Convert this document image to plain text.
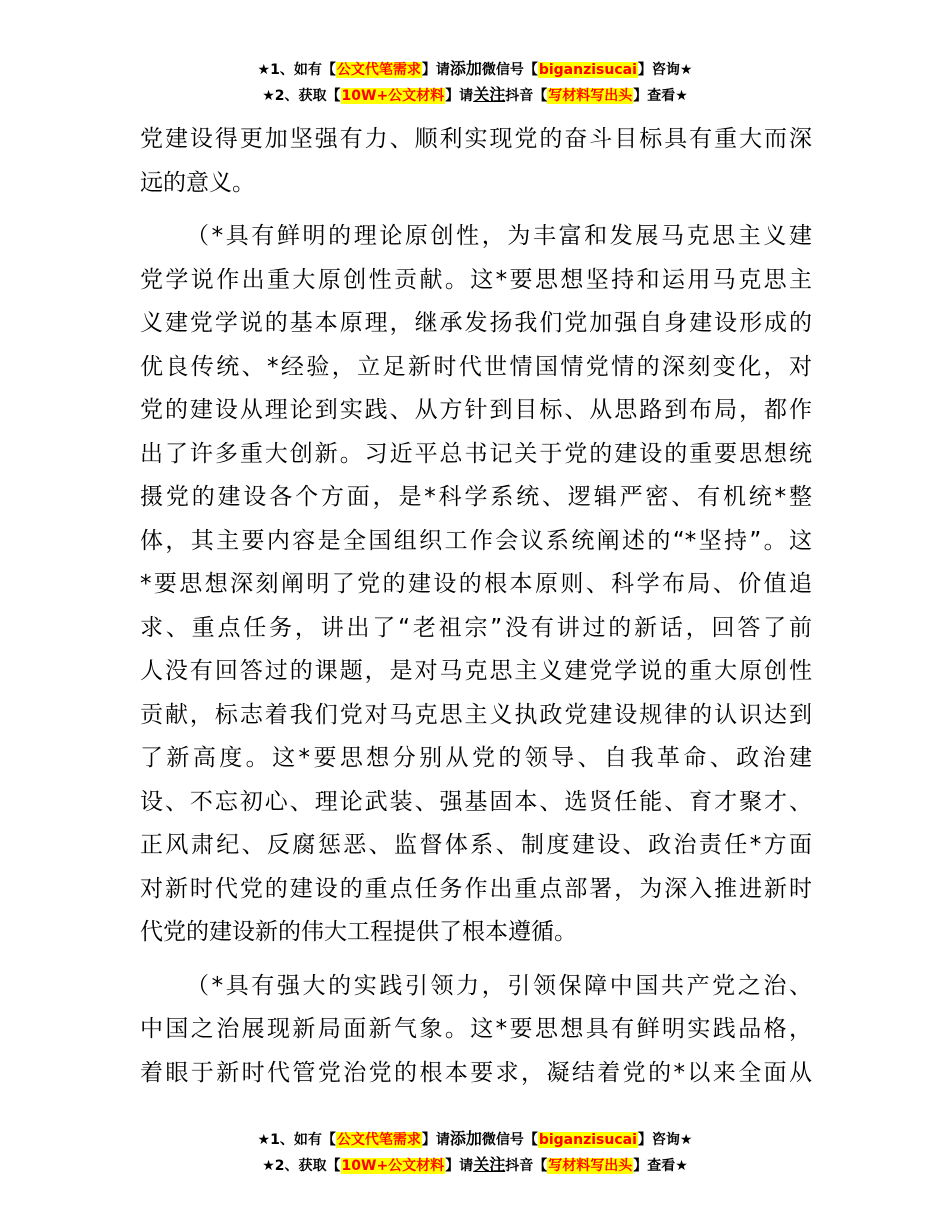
★1、如有【公文代笔需求】请添加微信号【biganzisucai】咨询★
★2、获取【10W+公文材料】请关注抖音【写材料写出头】查看★
党建设得更加坚强有力、顺利实现党的奋斗目标具有重大而深
远的意义。
（*具有鲜明的理论原创性，为丰富和发展马克思主义建
党学说作出重大原创性贡献。这*要思想坚持和运用马克思主
义建党学说的基本原理，继承发扬我们党加强自身建设形成的
优良传统、*经验，立足新时代世情国情党情的深刻变化，对
党的建设从理论到实践、从方针到目标、从思路到布局，都作
出了许多重大创新。习近平总书记关于党的建设的重要思想统
摄党的建设各个方面，是*科学系统、逻辑严密、有机统*整
体，其主要内容是全国组织工作会议系统阐述的“*坚持”。这
*要思想深刻阐明了党的建设的根本原则、科学布局、价值追
求、重点任务，讲出了“老祖宗”没有讲过的新话，回答了前
人没有回答过的课题，是对马克思主义建党学说的重大原创性
贡献，标志着我们党对马克思主义执政党建设规律的认识达到
了新高度。这*要思想分别从党的领导、自我革命、政治建
设、不忘初心、理论武装、强基固本、选贤任能、育才聚才、
正风肃纪、反腐惩恶、监督体系、制度建设、政治责任*方面
对新时代党的建设的重点任务作出重点部署，为深入推进新时
代党的建设新的伟大工程提供了根本遵循。
（*具有强大的实践引领力，引领保障中国共产党之治、
中国之治展现新局面新气象。这*要思想具有鲜明实践品格，
着眼于新时代管党治党的根本要求，凝结着党的*以来全面从
★1、如有【公文代笔需求】请添加微信号【biganzisucai】咨询★
★2、获取【10W+公文材料】请关注抖音【写材料写出头】查看★
